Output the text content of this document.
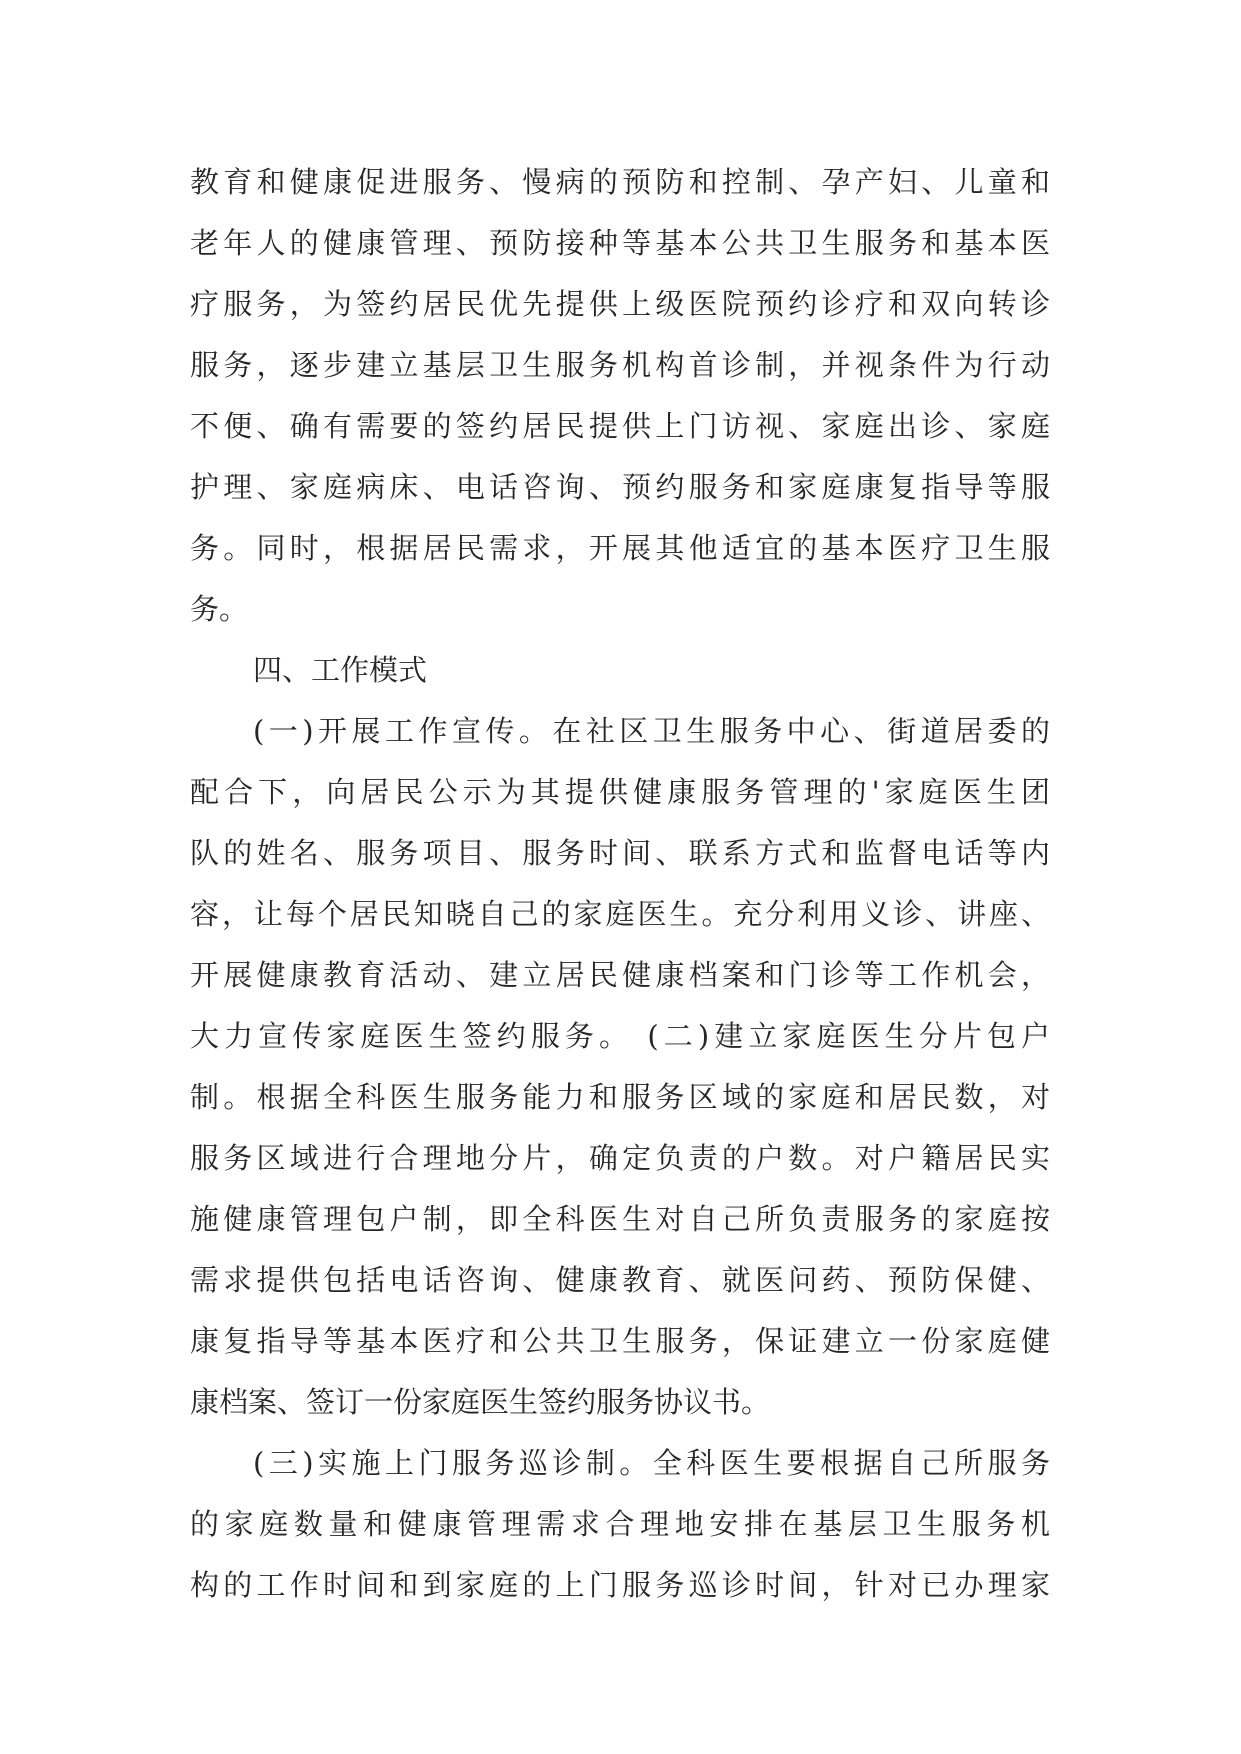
教育和健康促进服务、慢病的预防和控制、孕产妇、儿童和
老年人的健康管理、预防接种等基本公共卫生服务和基本医
疗服务，为签约居民优先提供上级医院预约诊疗和双向转诊
服务，逐步建立基层卫生服务机构首诊制，并视条件为行动
不便、确有需要的签约居民提供上门访视、家庭出诊、家庭
护理、家庭病床、电话咨询、预约服务和家庭康复指导等服
务。同时，根据居民需求，开展其他适宜的基本医疗卫生服
务。
四、工作模式
(一)开展工作宣传。在社区卫生服务中心、街道居委的
配合下，向居民公示为其提供健康服务管理的'家庭医生团
队的姓名、服务项目、服务时间、联系方式和监督电话等内
容，让每个居民知晓自己的家庭医生。充分利用义诊、讲座、
开展健康教育活动、建立居民健康档案和门诊等工作机会，
大力宣传家庭医生签约服务。 (二)建立家庭医生分片包户
制。根据全科医生服务能力和服务区域的家庭和居民数，对
服务区域进行合理地分片，确定负责的户数。对户籍居民实
施健康管理包户制，即全科医生对自己所负责服务的家庭按
需求提供包括电话咨询、健康教育、就医问药、预防保健、
康复指导等基本医疗和公共卫生服务，保证建立一份家庭健
康档案、签订一份家庭医生签约服务协议书。
(三)实施上门服务巡诊制。全科医生要根据自己所服务
的家庭数量和健康管理需求合理地安排在基层卫生服务机
构的工作时间和到家庭的上门服务巡诊时间，针对已办理家
